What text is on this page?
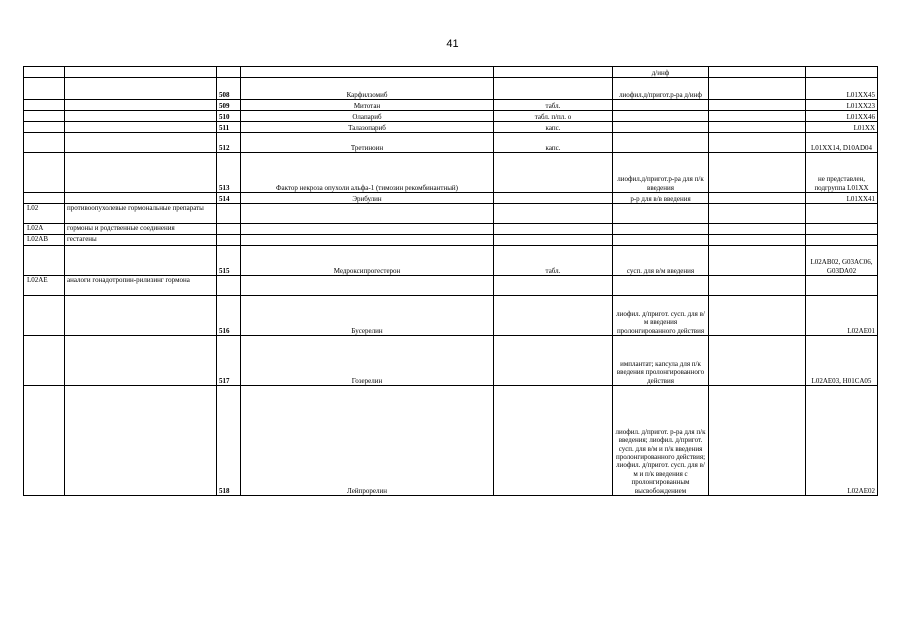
41
					д/инф		
		508	Карфилзомиб		лиофил.д/пригот.р-ра д/инф		L01XX45
		509	Митотан	табл.			L01XX23
		510	Олапариб	табл. п/пл. о			L01XX46
		511	Талазопариб	капс.			L01XX
		512	Третиноин	капс.			L01XX14, D10AD04
		513	Фактор некроза опухоли альфа-1 (тимозин рекомбинантный)		лиофил.д/пригот.р-ра для п/к введения		не представлен, подгруппа L01XX
		514	Эрибулин		р-р для в/в введения		L01XX41
L02	противоопухолевые гормональные препараты						
L02A	гормоны и родственные соединения						
L02AB	гестагены						
		515	Медроксипрогестерон	табл.	сусп. для в/м введения		L02AB02, G03AC06, G03DA02
L02AE	аналоги гонадотропин-рилизинг гормона						
		516	Бусерелин		лиофил. д/пригот. сусп. для в/м введения пролонгированного действия		L02AE01
		517	Гозерелин		имплантат; капсула для п/к введения пролонгированного действия		L02AE03, H01CA05
		518	Лейпрорелин		лиофил. д/пригот. р-ра для п/к введения; лиофил. д/пригот. сусп. для в/м и п/к введения пролонгированного действия; лиофил. д/пригот. сусп. для в/м и п/к введения с пролонгированным высвобождением		L02AE02
